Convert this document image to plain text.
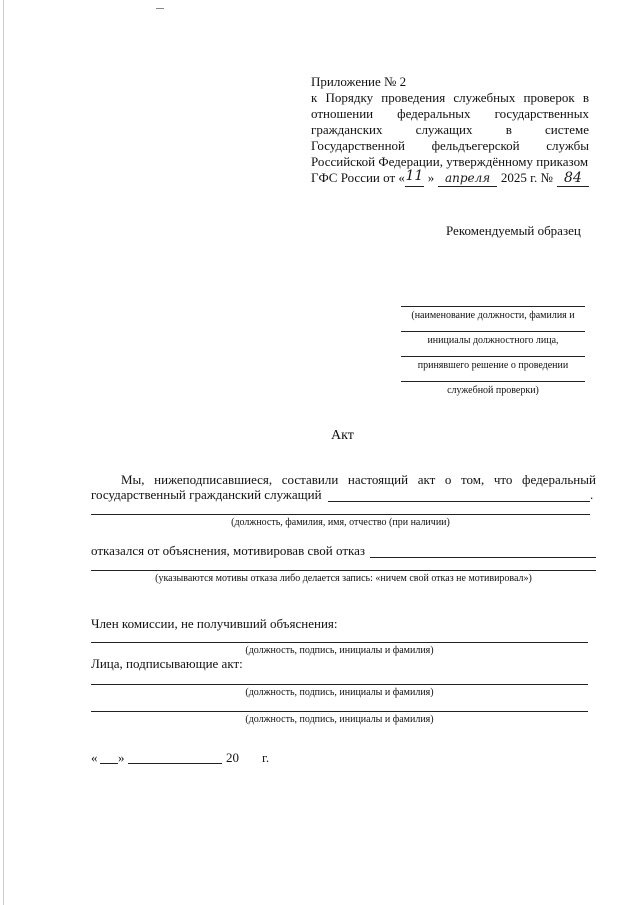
Приложение № 2
к Порядку проведения служебных проверок в
отношении федеральных государственных
гражданских	служащих	в	системе
Государственной фельдъегерской службы
Российской Федерации, утверждённому приказом
ГФС России от « 11 » апреля 2025 г. № 84
Рекомендуемый образец
(наименование должности, фамилия и
инициалы должностного лица,
принявшего решение о проведении
служебной проверки)
Акт
Мы, нижеподписавшиеся, составили настоящий акт о том, что федеральный
государственный гражданский служащий	.
(должность, фамилия, имя, отчество (при наличии)
отказался от объяснения, мотивировав свой отказ
(указываются мотивы отказа либо делается запись: «ничем свой отказ не мотивировал»)
Член комиссии, не получивший объяснения:
(должность, подпись, инициалы и фамилия)
Лица, подписывающие акт:
(должность, подпись, инициалы и фамилия)
(должность, подпись, инициалы и фамилия)
« »	20 г.
